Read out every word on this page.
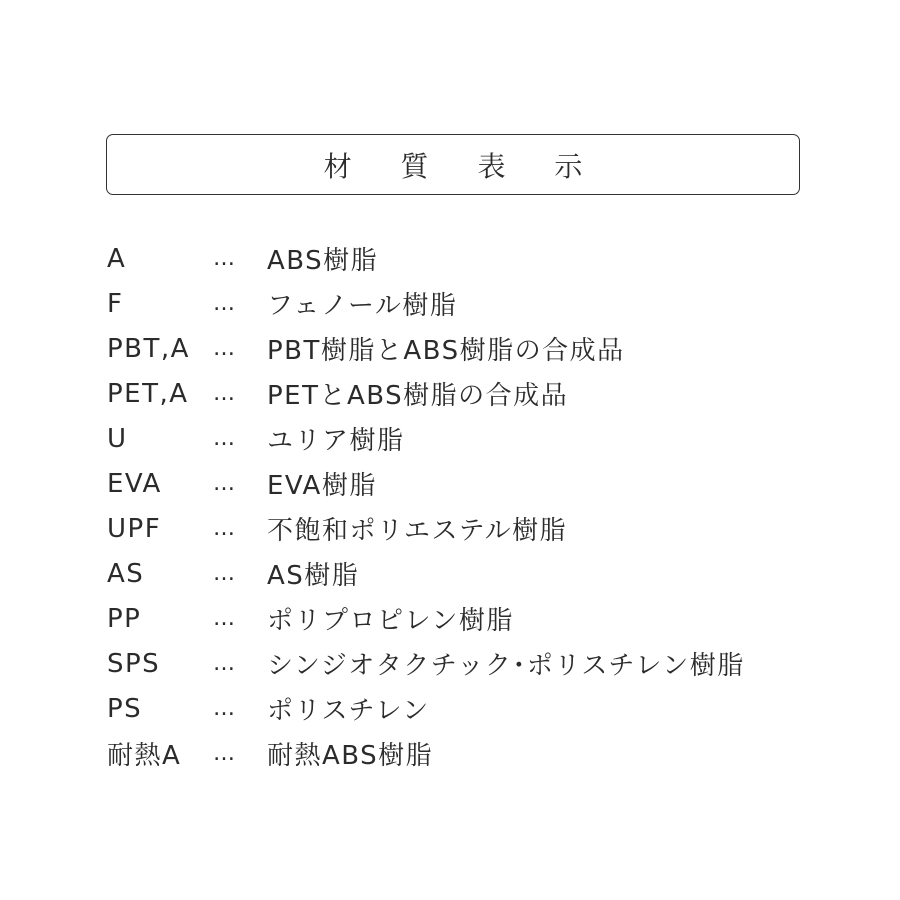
材 質 表 示
A	…	ABS樹脂
F	…	フェノール樹脂
PBT,A	…	PBT樹脂とABS樹脂の合成品
PET,A	…	PETとABS樹脂の合成品
U	…	ユリア樹脂
EVA	…	EVA樹脂
UPF	…	不飽和ポリエステル樹脂
AS	…	AS樹脂
PP	…	ポリプロピレン樹脂
SPS	…	シンジオタクチック･ポリスチレン樹脂
PS	…	ポリスチレン
耐熱A	…	耐熱ABS樹脂
